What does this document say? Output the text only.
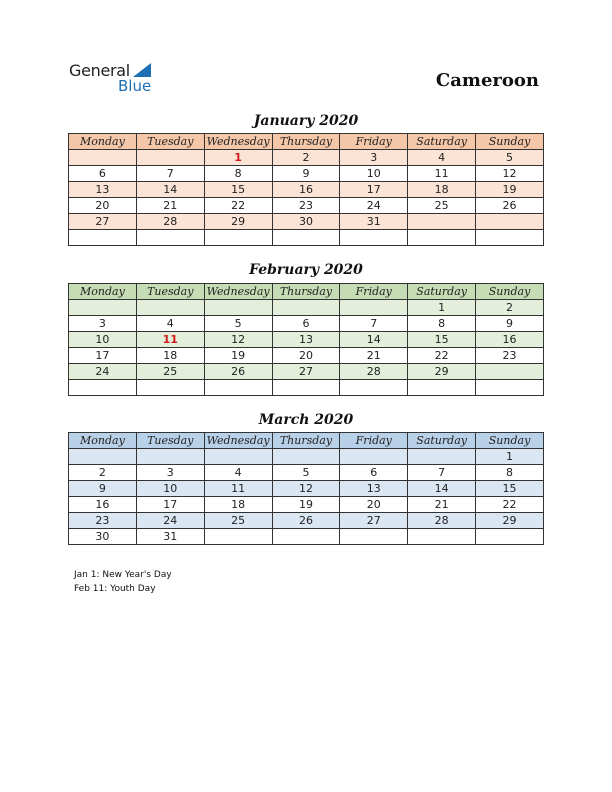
General
Blue	Cameroon
January 2020
Monday	Tuesday	Wednesday	Thursday	Friday	Saturday	Sunday
		1	2	3	4	5
6	7	8	9	10	11	12
13	14	15	16	17	18	19
20	21	22	23	24	25	26
27	28	29	30	31		

February 2020
Monday	Tuesday	Wednesday	Thursday	Friday	Saturday	Sunday
					1	2
3	4	5	6	7	8	9
10	11	12	13	14	15	16
17	18	19	20	21	22	23
24	25	26	27	28	29	

March 2020
Monday	Tuesday	Wednesday	Thursday	Friday	Saturday	Sunday
						1
2	3	4	5	6	7	8
9	10	11	12	13	14	15
16	17	18	19	20	21	22
23	24	25	26	27	28	29
30	31					
Jan 1: New Year's Day
Feb 11: Youth Day
